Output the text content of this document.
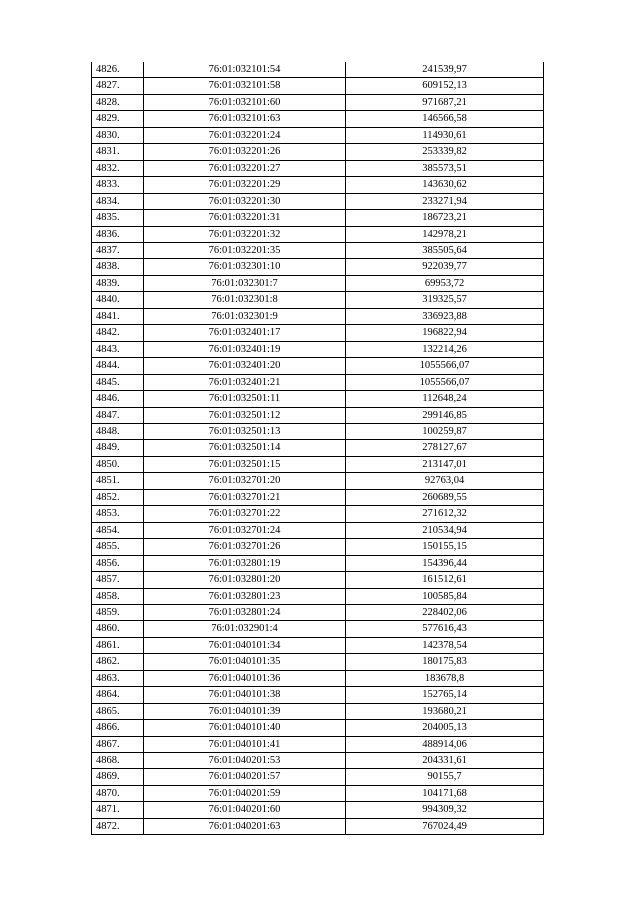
4826.	76:01:032101:54	241539,97
4827.	76:01:032101:58	609152,13
4828.	76:01:032101:60	971687,21
4829.	76:01:032101:63	146566,58
4830.	76:01:032201:24	114930,61
4831.	76:01:032201:26	253339,82
4832.	76:01:032201:27	385573,51
4833.	76:01:032201:29	143630,62
4834.	76:01:032201:30	233271,94
4835.	76:01:032201:31	186723,21
4836.	76:01:032201:32	142978,21
4837.	76:01:032201:35	385505,64
4838.	76:01:032301:10	922039,77
4839.	76:01:032301:7	69953,72
4840.	76:01:032301:8	319325,57
4841.	76:01:032301:9	336923,88
4842.	76:01:032401:17	196822,94
4843.	76:01:032401:19	132214,26
4844.	76:01:032401:20	1055566,07
4845.	76:01:032401:21	1055566,07
4846.	76:01:032501:11	112648,24
4847.	76:01:032501:12	299146,85
4848.	76:01:032501:13	100259,87
4849.	76:01:032501:14	278127,67
4850.	76:01:032501:15	213147,01
4851.	76:01:032701:20	92763,04
4852.	76:01:032701:21	260689,55
4853.	76:01:032701:22	271612,32
4854.	76:01:032701:24	210534,94
4855.	76:01:032701:26	150155,15
4856.	76:01:032801:19	154396,44
4857.	76:01:032801:20	161512,61
4858.	76:01:032801:23	100585,84
4859.	76:01:032801:24	228402,06
4860.	76:01:032901:4	577616,43
4861.	76:01:040101:34	142378,54
4862.	76:01:040101:35	180175,83
4863.	76:01:040101:36	183678,8
4864.	76:01:040101:38	152765,14
4865.	76:01:040101:39	193680,21
4866.	76:01:040101:40	204005,13
4867.	76:01:040101:41	488914,06
4868.	76:01:040201:53	204331,61
4869.	76:01:040201:57	90155,7
4870.	76:01:040201:59	104171,68
4871.	76:01:040201:60	994309,32
4872.	76:01:040201:63	767024,49
